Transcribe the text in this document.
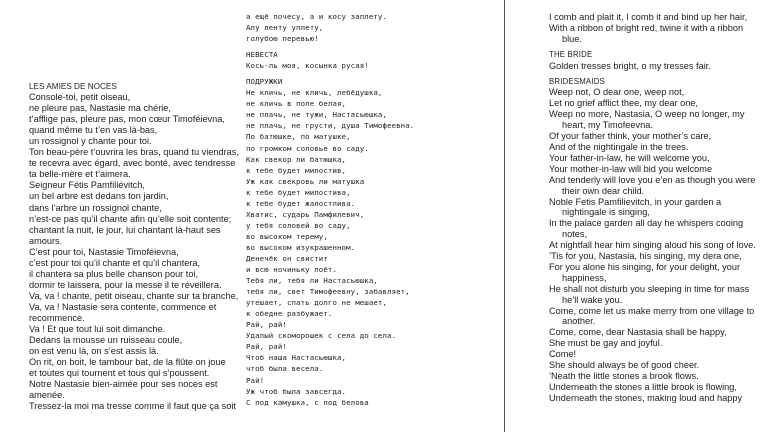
LES AMIES DE NOCES
Console-toi, petit oiseau,
ne pleure pas, Nastasie ma chérie,
t’afflige pas, pleure pas, mon cœur Timoféievna,
quand même tu t’en vas là-bas,
un rossignol y chante pour toi.
Ton beau-père t’ouvrira les bras, quand tu viendras,
te recevra avec égard, avec bonté, avec tendresse
ta belle-mère et t’aimera.
Seigneur Fétis Pamfiliévitch,
un bel arbre est dedans ton jardin,
dans l’arbre un rossignol chante,
n’est-ce pas qu’il chante afin qu’elle soit contente;
chantant la nuit, le jour, lui chantant là-haut ses
amours.
C’est pour toi, Nastasie Timoféievna,
c’est pour toi qu’il chante et qu’il chantera,
il chantera sa plus belle chanson pour toi,
dormir te laissera, pour la messe il te réveillera.
Va, va ! chante, petit oiseau, chante sur ta branche,
Va, va ! Nastasie sera contente, commence et
recommence.
Va ! Et que tout lui soit dimanche.
Dedans la mousse un ruisseau coule,
on est venu là, on s’est assis là.
On rit, on boit, le tambour bat, de la flûte on joue
et toutes qui tournent et tous qui s’poussent.
Notre Nastasie bien-aimée pour ses noces est
amenée.
Tressez-la moi ma tresse comme il faut que ça soit
а ещё почесу, а и косу заплету.
Алу ленту уплету,
голубою перевью!
НЕВЕСТА
Кось-ль моя, косынка русая!
ПОДРУЖКИ
Не кличь, не кличь, лебёдушка,
не кличь в поле белая,
не плачь, не тужи, Настасьюшка,
не плачь, не грусти, душа Тимофеевна.
По батюшке, по матушке,
по громком соловье во саду.
Как свекор ли батюшка,
к тебе будет милостив,
Уж как свекровь ли матушка
к тебе будет милостива,
к тебе будет жалостлива.
Хватис, сударь Памфилевич,
у тебя соловей во саду,
во высоком терему,
во высоком изукрашенном.
Денечёк он свистит
и всю ночиньку поёт.
Тебя ли, тебя ли Настасьюшка,
тебя ли, свет Тимофеевну, забавляет,
утешает, спать долго не мешает,
к обедне разбужает.
Рай, рай!
Удалый скоморошек с села до села.
Рай, рай!
Чтоб наша Настасьюшка,
чтоб была весела.
Рай!
Уж чтоб была завсегда.
С под камушка, с под белова
I comb and plait it, I comb it and bind up her hair,
With a ribbon of bright red, twine it with a ribbon
blue.
THE BRIDE
Golden tresses bright, o my tresses fair.
BRIDESMAIDS
Weep not, O dear one, weep not,
Let no grief afflict thee, my dear one,
Weep no more, Nastasia, O weep no longer, my
heart, my Timofeevna.
Of your father think, your mother’s care,
And of the nightingale in the trees.
Your father-in-law, he will welcome you,
Your mother-in-law will bid you welcome
And tenderly will love you e’en as though you were
their own dear child.
Noble Fetis Pamfilievitch, in your garden a
nightingale is singing,
In the palace garden all day he whispers cooing
notes,
At nightfall hear him singing aloud his song of love.
’Tis for you, Nastasia, his singing, my dera one,
For you alone his singing, for your delight, your
happiness,
He shall not disturb you sleeping in time for mass
he’ll wake you.
Come, come let us make merry from one village to
another.
Come, come, dear Nastasia shall be happy,
She must be gay and joyful.
Come!
She should always be of good cheer.
’Neath the little stones a brook flows.
Underneath the stones a little brook is flowing,
Underneath the stones, making loud and happy
